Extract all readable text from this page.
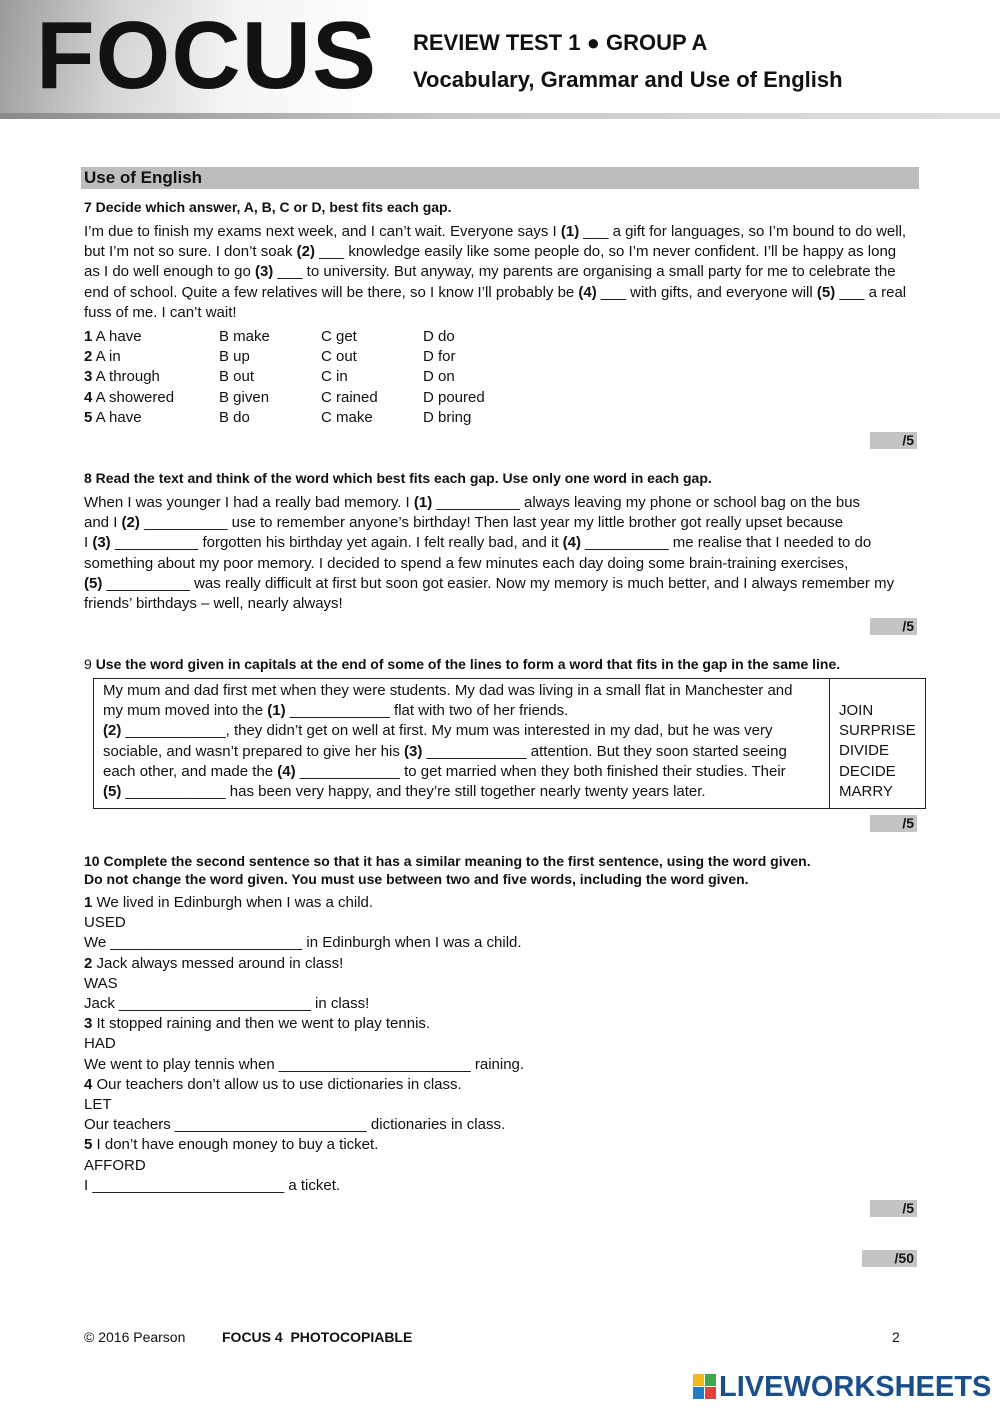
FOCUS REVIEW TEST 1 ● GROUP A
Vocabulary, Grammar and Use of English
Use of English
7 Decide which answer, A, B, C or D, best fits each gap.
I’m due to finish my exams next week, and I can’t wait. Everyone says I (1) ___ a gift for languages, so I’m bound to do well,
but I’m not so sure. I don’t soak (2) ___ knowledge easily like some people do, so I’m never confident. I’ll be happy as long
as I do well enough to go (3) ___ to university. But anyway, my parents are organising a small party for me to celebrate the
end of school. Quite a few relatives will be there, so I know I’ll probably be (4) ___ with gifts, and everyone will (5) ___ a real
fuss of me. I can’t wait!
1 A have	B make	C get	D do
2 A in	B up	C out	D for
3 A through	B out	C in	D on
4 A showered	B given	C rained	D poured
5 A have	B do	C make	D bring
/5
8 Read the text and think of the word which best fits each gap. Use only one word in each gap.
When I was younger I had a really bad memory. I (1) __________ always leaving my phone or school bag on the bus
and I (2) __________ use to remember anyone’s birthday! Then last year my little brother got really upset because
I (3) __________ forgotten his birthday yet again. I felt really bad, and it (4) __________ me realise that I needed to do
something about my poor memory. I decided to spend a few minutes each day doing some brain-training exercises,
(5) __________ was really difficult at first but soon got easier. Now my memory is much better, and I always remember my
friends’ birthdays – well, nearly always!
/5
9 Use the word given in capitals at the end of some of the lines to form a word that fits in the gap in the same line.
My mum and dad first met when they were students. My dad was living in a small flat in Manchester and
my mum moved into the (1) ____________ flat with two of her friends.
(2) ____________, they didn’t get on well at first. My mum was interested in my dad, but he was very
sociable, and wasn’t prepared to give her his (3) ____________ attention. But they soon started seeing
each other, and made the (4) ____________ to get married when they both finished their studies. Their
(5) ____________ has been very happy, and they’re still together nearly twenty years later.
JOIN
SURPRISE
DIVIDE
DECIDE
MARRY
/5
10 Complete the second sentence so that it has a similar meaning to the first sentence, using the word given.
Do not change the word given. You must use between two and five words, including the word given.
1 We lived in Edinburgh when I was a child.
USED
We _______________________ in Edinburgh when I was a child.
2 Jack always messed around in class!
WAS
Jack _______________________ in class!
3 It stopped raining and then we went to play tennis.
HAD
We went to play tennis when _______________________ raining.
4 Our teachers don’t allow us to use dictionaries in class.
LET
Our teachers _______________________ dictionaries in class.
5 I don’t have enough money to buy a ticket.
AFFORD
I _______________________ a ticket.
/5
/50
© 2016 Pearson	FOCUS 4  PHOTOCOPIABLE	2
LIVEWORKSHEETS
